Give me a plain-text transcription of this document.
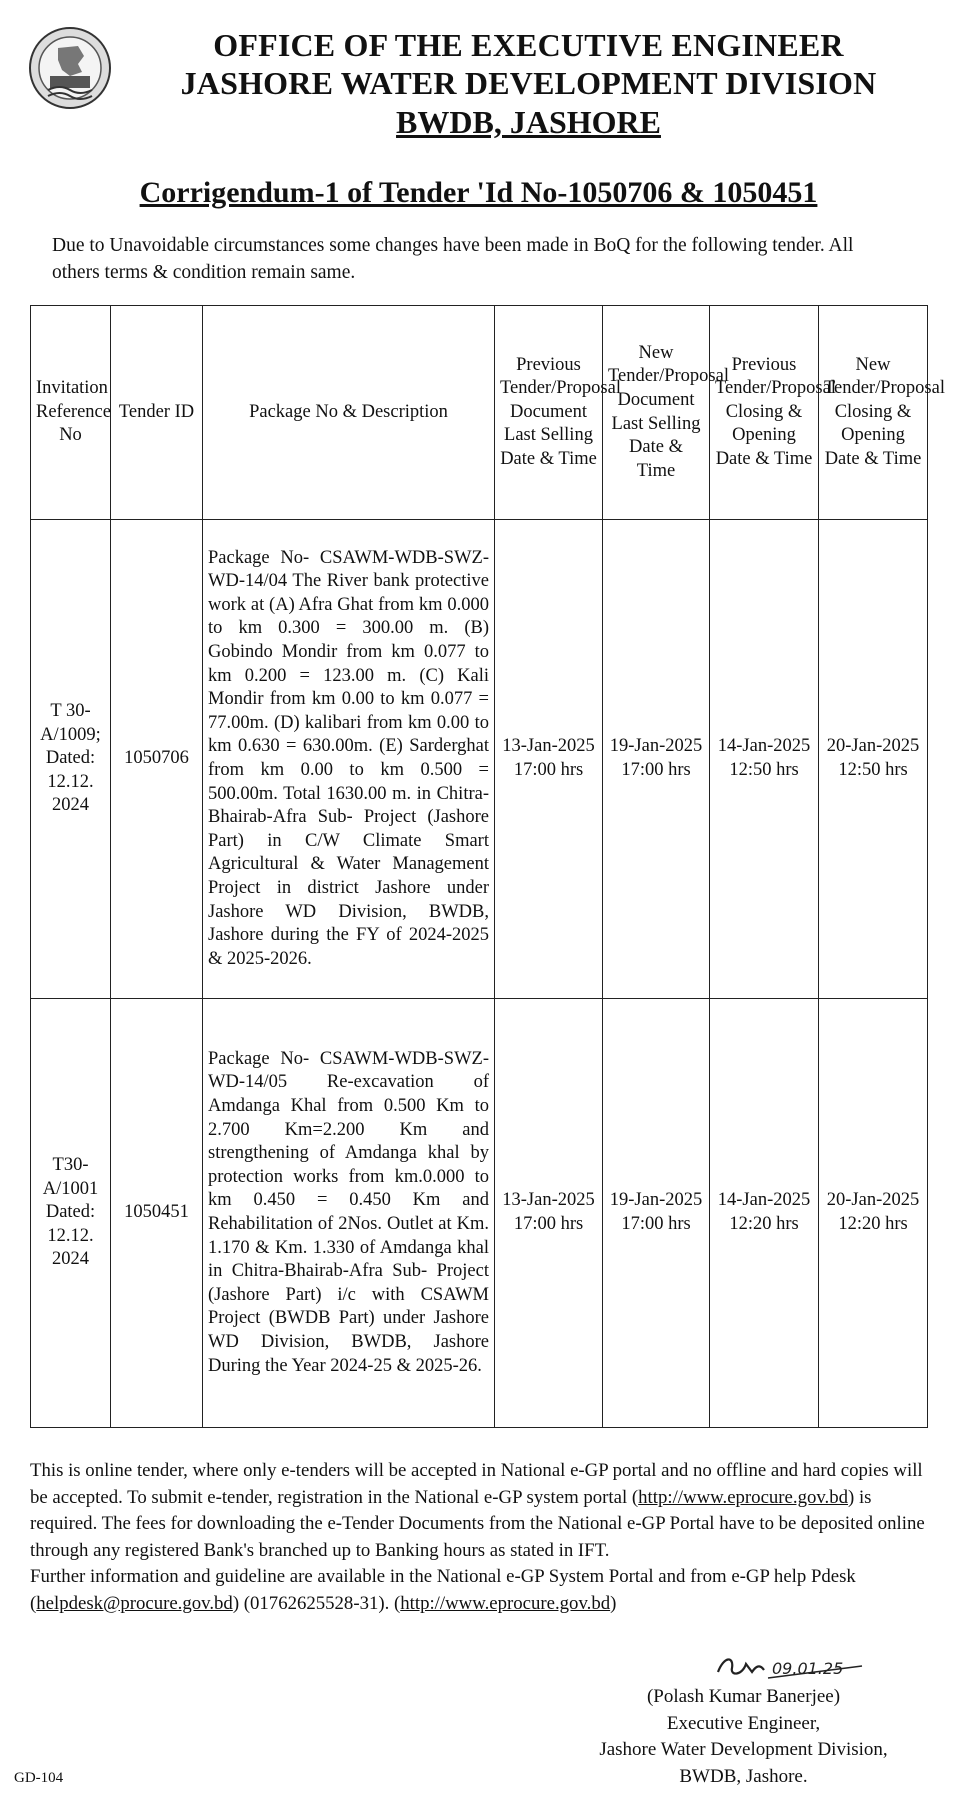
OFFICE OF THE EXECUTIVE ENGINEER
JASHORE WATER DEVELOPMENT DIVISION
BWDB, JASHORE
Corrigendum-1 of Tender 'Id No-1050706 & 1050451
Due to Unavoidable circumstances some changes have been made in BoQ for the following tender. All others terms & condition remain same.
Invitation Reference No	Tender ID	Package No & Description	Previous Tender/Proposal Document Last Selling Date & Time	New Tender/Proposal Document Last Selling Date & Time	Previous Tender/Proposal Closing & Opening Date & Time	New Tender/Proposal Closing & Opening Date & Time
T 30-A/1009; Dated: 12.12. 2024	1050706	Package No- CSAWM-WDB-SWZ-WD-14/04 The River bank protective work at (A) Afra Ghat from km 0.000 to km 0.300 = 300.00 m. (B) Gobindo Mondir from km 0.077 to km 0.200 = 123.00 m. (C) Kali Mondir from km 0.00 to km 0.077 = 77.00m. (D) kalibari from km 0.00 to km 0.630 = 630.00m. (E) Sarderghat from km 0.00 to km 0.500 = 500.00m. Total 1630.00 m. in Chitra-Bhairab-Afra Sub- Project (Jashore Part) in C/W Climate Smart Agricultural & Water Management Project in district Jashore under Jashore WD Division, BWDB, Jashore during the FY of 2024-2025 & 2025-2026.	13-Jan-2025 17:00 hrs	19-Jan-2025 17:00 hrs	14-Jan-2025 12:50 hrs	20-Jan-2025 12:50 hrs
T30-A/1001 Dated: 12.12. 2024	1050451	Package No- CSAWM-WDB-SWZ-WD-14/05 Re-excavation of Amdanga Khal from 0.500 Km to 2.700 Km=2.200 Km and strengthening of Amdanga khal by protection works from km.0.000 to km 0.450 = 0.450 Km and Rehabilitation of 2Nos. Outlet at Km. 1.170 & Km. 1.330 of Amdanga khal in Chitra-Bhairab-Afra Sub- Project (Jashore Part) i/c with CSAWM Project (BWDB Part) under Jashore WD Division, BWDB, Jashore During the Year 2024-25 & 2025-26.	13-Jan-2025 17:00 hrs	19-Jan-2025 17:00 hrs	14-Jan-2025 12:20 hrs	20-Jan-2025 12:20 hrs
This is online tender, where only e-tenders will be accepted in National e-GP portal and no offline and hard copies will be accepted. To submit e-tender, registration in the National e-GP system portal (http://www.eprocure.gov.bd) is required. The fees for downloading the e-Tender Documents from the National e-GP Portal have to be deposited online through any registered Bank's branched up to Banking hours as stated in IFT.
Further information and guideline are available in the National e-GP System Portal and from e-GP help Pdesk (helpdesk@procure.gov.bd) (01762625528-31). (http://www.eprocure.gov.bd)
09.01.25
(Polash Kumar Banerjee)
Executive Engineer,
Jashore Water Development Division,
BWDB, Jashore.
GD-104
